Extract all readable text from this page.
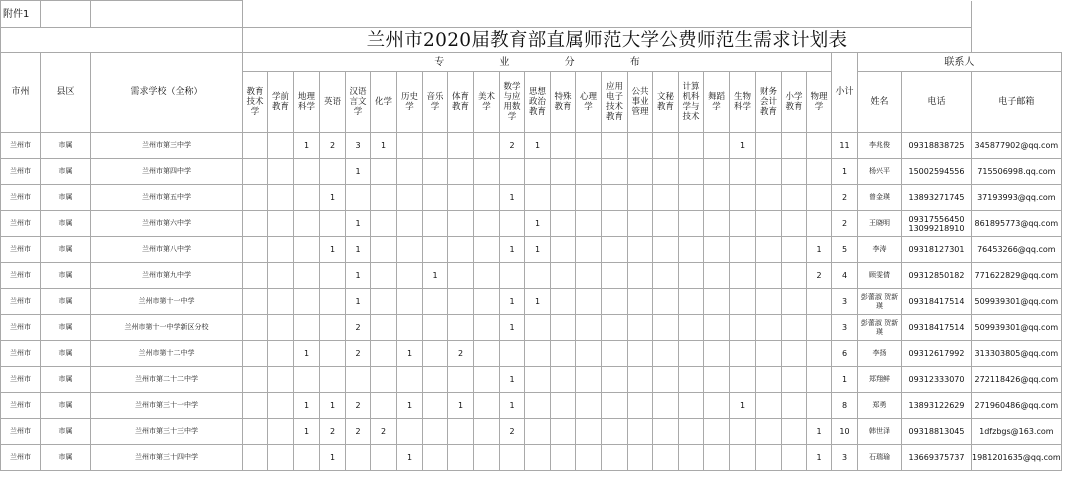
附件1																													
			兰州市2020届教育部直属师范大学公费师范生需求计划表																										
市州	县区	需求学校（全称）	专 业 分 布																							小计	联系人		
			教育技术学	学前教育	地理科学	英语	汉语言文学	化学	历史学	音乐学	体育教育	美术学	数学与应用数学	思想政治教育	特殊教育	心理学	应用电子技术教育	公共事业管理	文秘教育	计算机科学与技术	舞蹈学	生物科学	财务会计教育	小学教育	物理学		姓名	电话	电子邮箱
兰州市	市属	兰州市第三中学			1	2	3	1					2	1								1				11	李兆俊	09318838725	345877902@qq.com
兰州市	市属	兰州市第四中学					1																			1	杨兴平	15002594556	715506998.qq.com
兰州市	市属	兰州市第五中学				1							1													2	曾金瑛	13893271745	37193993@qq.com
兰州市	市属	兰州市第六中学					1							1												2	王晓明	09317556450 13099218910	861895773@qq.com
兰州市	市属	兰州市第八中学				1	1						1	1											1	5	李涛	09318127301	76453266@qq.com
兰州市	市属	兰州市第九中学					1			1															2	4	顾雯倩	09312850182	771622829@qq.com
兰州市	市属	兰州市第十一中学					1						1	1												3	彭蕾淑 贺新瑛	09318417514	509939301@qq.com
兰州市	市属	兰州市第十一中学新区分校					2						1													3	彭蕾淑 贺新瑛	09318417514	509939301@qq.com
兰州市	市属	兰州市第十二中学			1		2		1		2															6	李扬	09312617992	313303805@qq.com
兰州市	市属	兰州市第二十二中学											1													1	郑翔鲜	09312333070	272118426@qq.com
兰州市	市属	兰州市第三十一中学			1	1	2		1		1		1									1				8	郑勇	13893122629	271960486@qq.com
兰州市	市属	兰州市第三十三中学			1	2	2	2					2												1	10	韩世泽	09318813045	1dfzbgs@163.com
兰州市	市属	兰州市第三十四中学				1			1																1	3	石瑞瑜	13669375737	1981201635@qq.com
